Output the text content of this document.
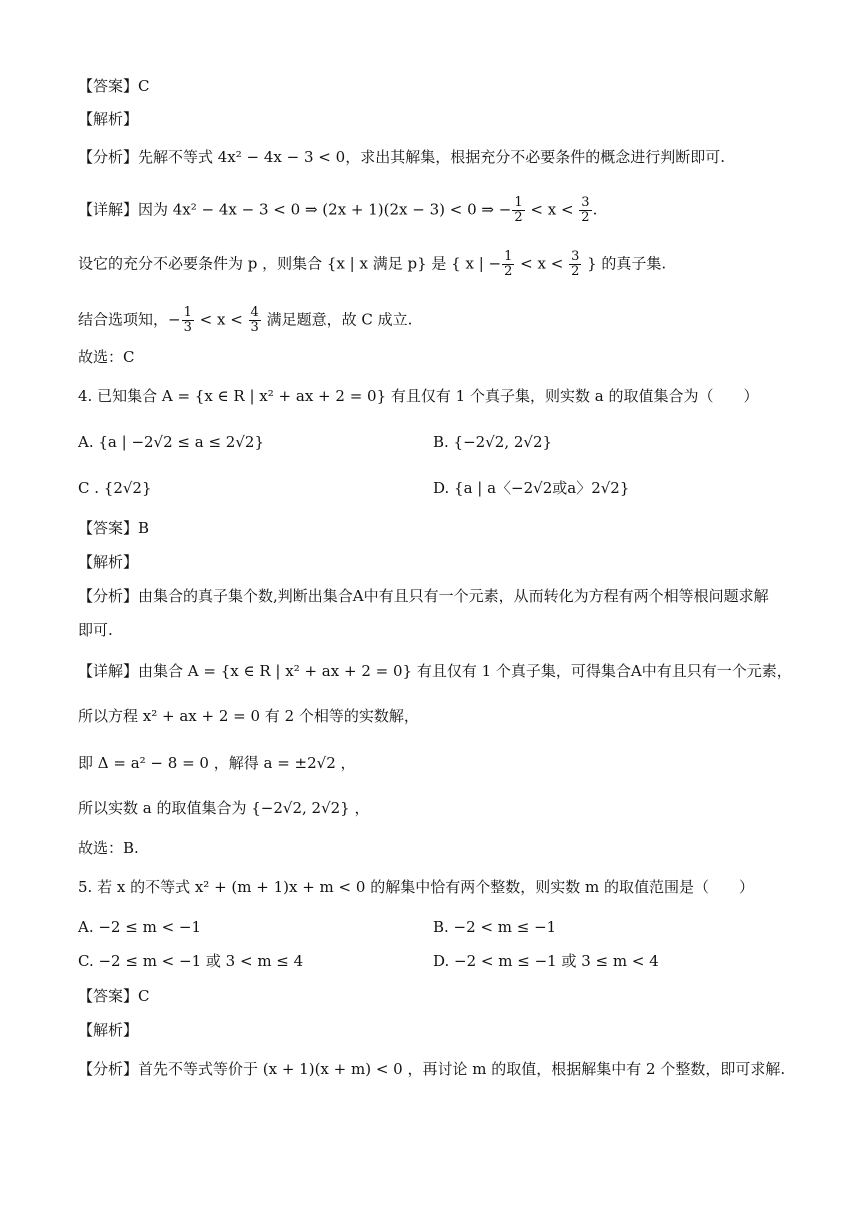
【答案】C
【解析】
【分析】先解不等式 4x² − 4x − 3 < 0，求出其解集，根据充分不必要条件的概念进行判断即可.
【详解】因为 4x² − 4x − 3 < 0 ⇒ (2x + 1)(2x − 3) < 0 ⇒ − $\frac{1}{2} < x < \frac{3}{2}$ .
设它的充分不必要条件为 p ，则集合 {x | x 满足 p} 是 { x | − $\frac{1}{2} < x < \frac{3}{2}$ } 的真子集.
结合选项知，− $\frac{1}{3} < x < \frac{4}{3}$ 满足题意，故 C 成立.
故选：C
4. 已知集合 A = {x ∈ R | x² + ax + 2 = 0} 有且仅有 1 个真子集，则实数 a 的取值集合为（　　）
A. {a | −2√2 ≤ a ≤ 2√2}	B. {−2√2, 2√2}
C . {2√2}	D. {a | a〈−2√2或a〉2√2}
【答案】B
【解析】
【分析】由集合的真子集个数,判断出集合A中有且只有一个元素，从而转化为方程有两个相等根问题求解
即可.
【详解】由集合 A = {x ∈ R | x² + ax + 2 = 0} 有且仅有 1 个真子集，可得集合A中有且只有一个元素，
所以方程 x² + ax + 2 = 0 有 2 个相等的实数解，
即 Δ = a² − 8 = 0 ，解得 a = ±2√2 ，
所以实数 a 的取值集合为 {−2√2, 2√2} ，
故选：B.
5. 若 x 的不等式 x² + (m + 1)x + m < 0 的解集中恰有两个整数，则实数 m 的取值范围是（　　）
A. −2 ≤ m < −1	B. −2 < m ≤ −1
C. −2 ≤ m < −1 或 3 < m ≤ 4	D. −2 < m ≤ −1 或 3 ≤ m < 4
【答案】C
【解析】
【分析】首先不等式等价于 (x + 1)(x + m) < 0 ，再讨论 m 的取值，根据解集中有 2 个整数，即可求解.
